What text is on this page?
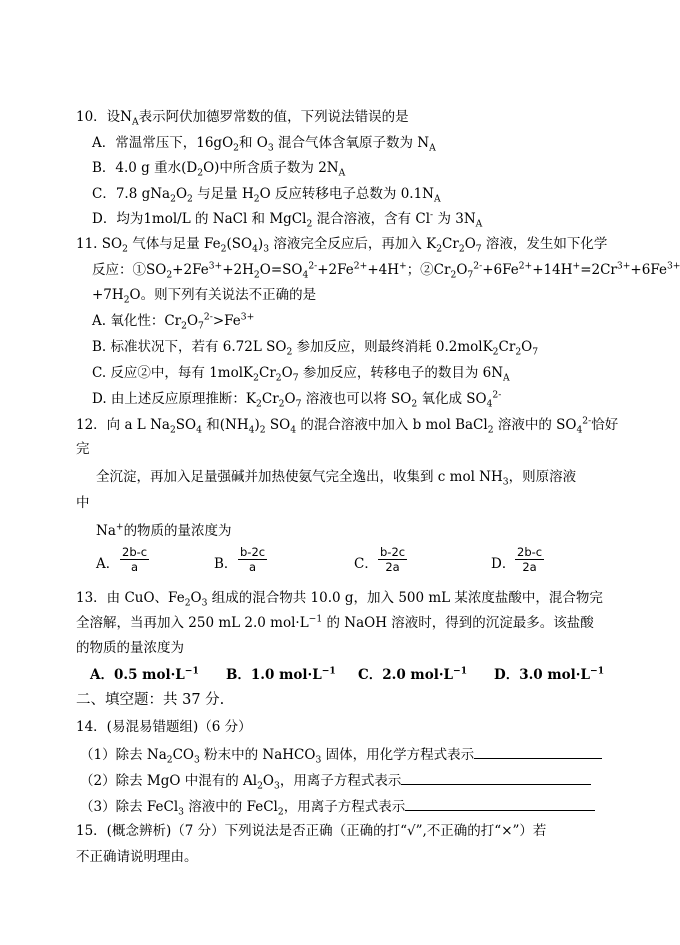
10．设$N_A$表示阿伏加德罗常数的值，下列说法错误的是
A．常温常压下，$16gO_2$和 $O_3$ 混合气体含氧原子数为 $N_A$
B．4.0 g 重水$(D_2O)$中所含质子数为 $2N_A$
C．7.8 $gNa_2O_2$ 与足量 $H_2O$ 反应转移电子总数为 $0.1N_A$
D．均为1mol/L 的 NaCl 和 MgCl$_2$ 混合溶液，含有 Cl- 为 $3N_A$
11. $SO_2$ 气体与足量 $Fe_2(SO_4)_3$ 溶液完全反应后，再加入 $K_2Cr_2O_7$ 溶液，发生如下化学
反应：$①SO_2+2Fe^{3+}+2H_2O=SO_4^{2-}+2Fe^{2+}+4H^+$；$②Cr_2O_7^{2-}+6Fe^{2+}+14H^+=2Cr^{3+}+6Fe^{3+}$
$+7H_2O$。则下列有关说法不正确的是
A. 氧化性：$Cr_2O_7^{2-}>Fe^{3+}$
B. 标准状况下，若有 6.72L $SO_2$ 参加反应，则最终消耗 $0.2molK_2Cr_2O_7$
C. 反应②中，每有 $1molK_2Cr_2O_7$ 参加反应，转移电子的数目为 $6N_A$
D. 由上述反应原理推断：$K_2Cr_2O_7$ 溶液也可以将 $SO_2$ 氧化成 $SO_4^{2-}$
12．向 a L $Na_2SO_4$ 和$(NH_4)_2$ $SO_4$ 的混合溶液中加入 b mol BaCl$_2$ 溶液中的 $SO_4^{2-}$恰好
完
全沉淀，再加入足量强碱并加热使氨气完全逸出，收集到 c mol $NH_3$，则原溶液
中
Na+的物质的量浓度为
A． $\frac{2b-c}{a}$	B． $\frac{b-2c}{a}$	C． $\frac{b-2c}{2a}$	D． $\frac{2b-c}{2a}$
13．由 CuO、$Fe_2O_3$ 组成的混合物共 10.0 g，加入 500 mL 某浓度盐酸中，混合物完
全溶解，当再加入 250 mL 2.0 $mol\cdot L^{-1}$ 的 NaOH 溶液时，得到的沉淀最多。该盐酸
的物质的量浓度为
A．0.5 $mol\cdot L^{-1}$ B．1.0 $mol\cdot L^{-1}$ C．2.0 $mol\cdot L^{-1}$ D．3.0 $mol\cdot L^{-1}$
二、填空题：共 37 分.
14．(易混易错题组)（6 分）
（1）除去 $Na_2CO_3$ 粉末中的 NaHCO$_3$ 固体，用化学方程式表示
（2）除去 MgO 中混有的 $Al_2O_3$，用离子方程式表示
（3）除去 FeCl$_3$ 溶液中的 FeCl$_2$，用离子方程式表示
15．(概念辨析)（7 分）下列说法是否正确（正确的打“√”,不正确的打“×”）若
不正确请说明理由。
